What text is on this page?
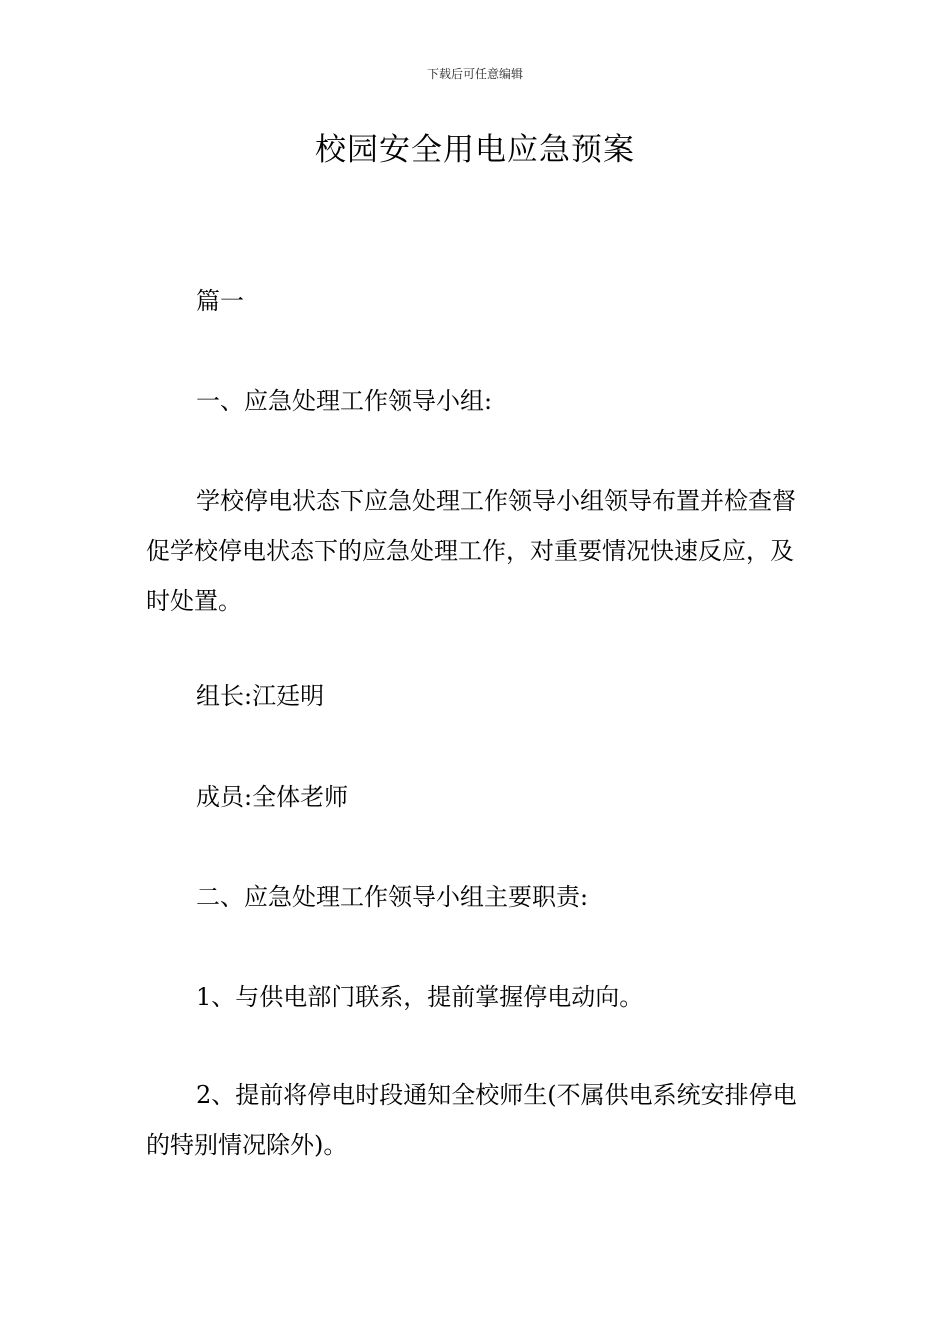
下载后可任意编辑
校园安全用电应急预案

篇一

一、应急处理工作领导小组:

学校停电状态下应急处理工作领导小组领导布置并检查督促学校停电状态下的应急处理工作，对重要情况快速反应，及时处置。

组长:江廷明

成员:全体老师

二、应急处理工作领导小组主要职责:

1、与供电部门联系，提前掌握停电动向。

2、提前将停电时段通知全校师生(不属供电系统安排停电的特别情况除外)。
